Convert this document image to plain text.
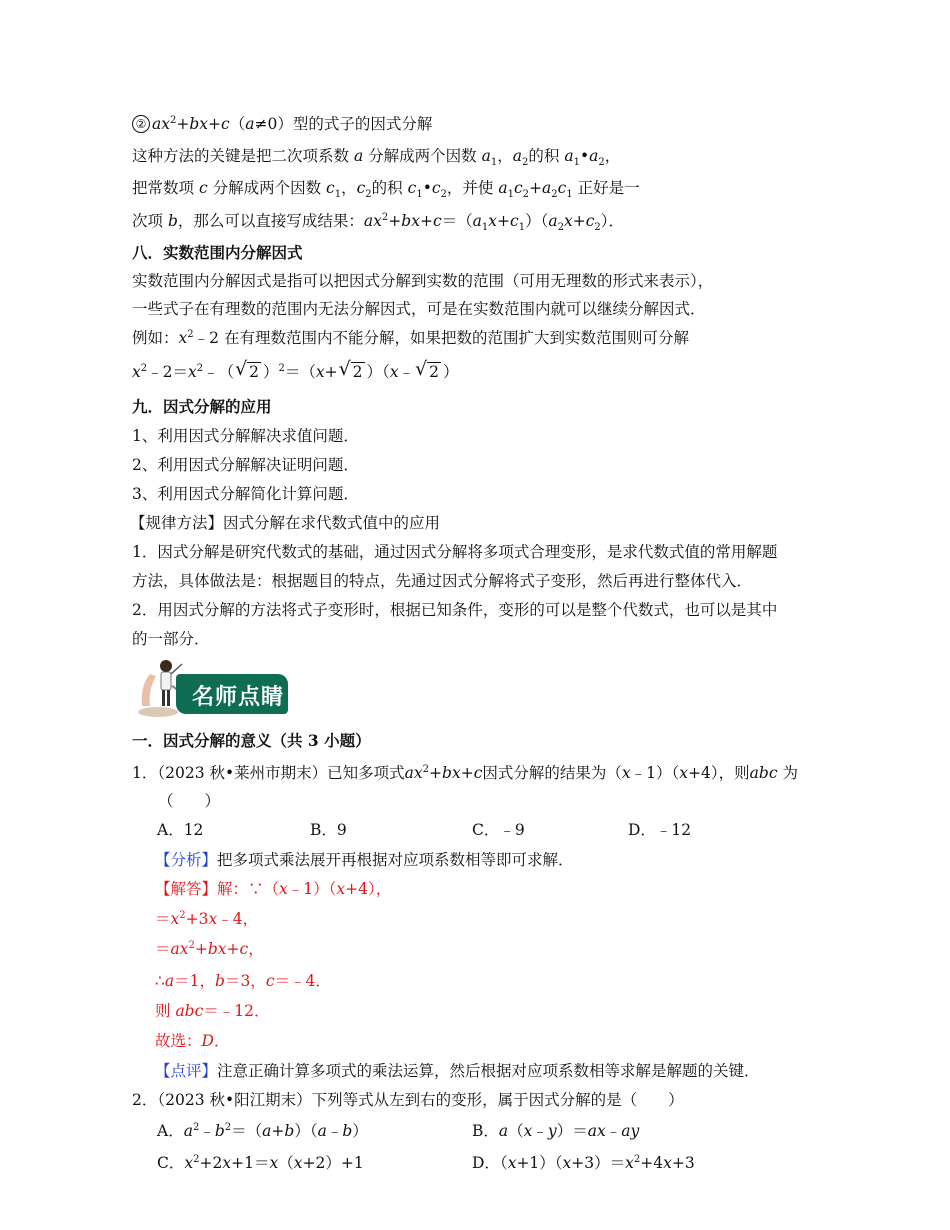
② $ax^2+bx+c(a\ne 0)$型的式子的因式分解
这种方法的关键是把二次项系数 a 分解成两个因数 $a_1$，$a_2$的积 $a_1•a_2$，
把常数项 c 分解成两个因数 $c_1$，$c_2$的积 $c_1•c_2$，并使 $a_1c_2+a_2c_1$ 正好是一
次项 b，那么可以直接写成结果：$ax^2+bx+c=(a_1x+c_1)(a_2x+c_2)$．
八．实数范围内分解因式
实数范围内分解因式是指可以把因式分解到实数的范围（可用无理数的形式来表示），
一些式子在有理数的范围内无法分解因式，可是在实数范围内就可以继续分解因式．
例如：$x^2﹣2$ 在有理数范围内不能分解，如果把数的范围扩大到实数范围则可分解
$x^2﹣2=x^2﹣(√$ 2 ）$^2$＝（x+√ 2 ）（x﹣√ 2 ）
九．因式分解的应用
1、利用因式分解解决求值问题．
2、利用因式分解解决证明问题．
3、利用因式分解简化计算问题．
【规律方法】因式分解在求代数式值中的应用
1．因式分解是研究代数式的基础，通过因式分解将多项式合理变形，是求代数式值的常用解题
方法，具体做法是：根据题目的特点，先通过因式分解将式子变形，然后再进行整体代入．
2．用因式分解的方法将式子变形时，根据已知条件，变形的可以是整个代数式，也可以是其中
的一部分．
名师点睛
一．因式分解的意义（共 3 小题）
1．（2023 秋•莱州市期末）已知多项式$ax^2+bx+c$因式分解的结果为（x﹣1）（x+4），则abc 为
（　　）
A．12	B．9	C．﹣9	D．﹣12
【分析】把多项式乘法展开再根据对应项系数相等即可求解．
【解答】解：∵（x﹣1）（x+4），
$=x^2+3x﹣4$，
$=ax^2+bx+c$，
∴a＝1，b＝3，c＝﹣4．
则 abc＝﹣12．
故选：D．
【点评】注意正确计算多项式的乘法运算，然后根据对应项系数相等求解是解题的关键．
2．（2023 秋•阳江期末）下列等式从左到右的变形，属于因式分解的是（　　）
A．$a^2﹣b^2=(a+b)(a﹣b)$	B．a（x﹣y）＝ax﹣ay
C．$x^2+2x+1=x(x+2)+1$	D．$(x+1)(x+3)=x^2+4x+3$
